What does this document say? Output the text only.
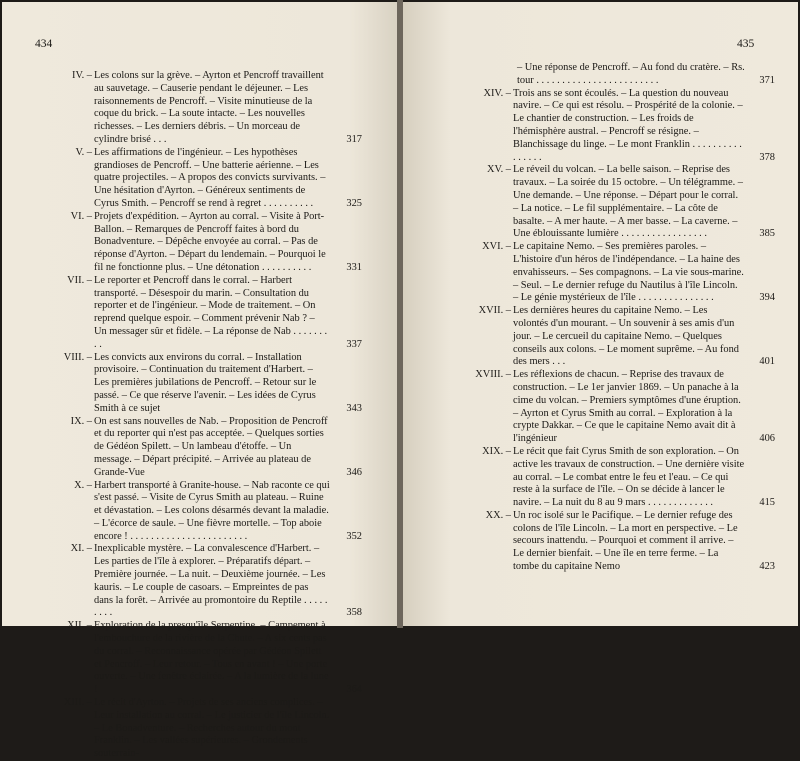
434

IV. – Les colons sur la grève. – Ayrton et Pencroff travaillent au sauvetage. – Causerie pendant le déjeuner. – Les raisonnements de Pencroff. – Visite minutieuse de la coque du brick. – La soute intacte. – Les nouvelles richesses. – Les derniers débris. – Un morceau de cylindre brisé . . .	317

V. – Les affirmations de l'ingénieur. – Les hypothèses grandioses de Pencroff. – Une batterie aérienne. – Les quatre projectiles. – A propos des convicts survivants. – Une hésitation d'Ayrton. – Généreux sentiments de Cyrus Smith. – Pencroff se rend à regret . . . . . . . . . .	325

VI. – Projets d'expédition. – Ayrton au corral. – Visite à Port-Ballon. – Remarques de Pencroff faites à bord du Bonadventure. – Dépêche envoyée au corral. – Pas de réponse d'Ayrton. – Départ du lendemain. – Pourquoi le fil ne fonctionne plus. – Une détonation . . . . . . . . . .	331

VII. – Le reporter et Pencroff dans le corral. – Harbert transporté. – Désespoir du marin. – Consultation du reporter et de l'ingénieur. – Mode de traitement. – On reprend quelque espoir. – Comment prévenir Nab ? – Un messager sûr et fidèle. – La réponse de Nab . . . . . . . . .	337

VIII. – Les convicts aux environs du corral. – Installation provisoire. – Continuation du traitement d'Harbert. – Les premières jubilations de Pencroff. – Retour sur le passé. – Ce que réserve l'avenir. – Les idées de Cyrus Smith à ce sujet	343

IX. – On est sans nouvelles de Nab. – Proposition de Pencroff et du reporter qui n'est pas acceptée. – Quelques sorties de Gédéon Spilett. – Un lambeau d'étoffe. – Un message. – Départ précipité. – Arrivée au plateau de Grande-Vue	346

X. – Harbert transporté à Granite-house. – Nab raconte ce qui s'est passé. – Visite de Cyrus Smith au plateau. – Ruine et dévastation. – Les colons désarmés devant la maladie. – L'écorce de saule. – Une fièvre mortelle. – Top aboie encore ! . . . . . . . . . . . . . . . . . . . . . . .	352

XI. – Inexplicable mystère. – La convalescence d'Harbert. – Les parties de l'île à explorer. – Préparatifs départ. – Première journée. – La nuit. – Deuxième journée. – Les kauris. – Le couple de casoars. – Empreintes de pas dans la forêt. – Arrivée au promontoire du Reptile . . . . . . . . .	358

XII. – Exploration de la presqu'île Serpentine. – Campement à l'embouchure de la rivière de la Chute. – A six cents pas du corral. – Reconnaissance opérée par Gédéon Spilett et Pencroff. – Leur retour. – Tous en avant ! – Une porte ouverte. – Une fenêtre éclairée. – A la lumière de la lune !	364

XIII. – Le récit d'Ayrton. – Projets de ses anciens complices. – Leur installation au corral. – Le justicier de l'île Lincoln. – Le Bonadventure. – Recherches autour du mont Franklin. – Les vallées supérieures. – Grondements souterrain-

435

– Une réponse de Pencroff. – Au fond du cratère. – Rs. tour . . . . . . . . . . . . . . . . . . . . . . . .	371

XIV. – Trois ans se sont écoulés. – La question du nouveau navire. – Ce qui est résolu. – Prospérité de la colonie. – Le chantier de construction. – Les froids de l'hémisphère austral. – Pencroff se résigne. – Blanchissage du linge. – Le mont Franklin . . . . . . . . . . . . . . . .	378

XV. – Le réveil du volcan. – La belle saison. – Reprise des travaux. – La soirée du 15 octobre. – Un télégramme. – Une demande. – Une réponse. – Départ pour le corral. – La notice. – Le fil supplémentaire. – La côte de basalte. – A mer haute. – A mer basse. – La caverne. – Une éblouissante lumière . . . . . . . . . . . . . . . . .	385

XVI. – Le capitaine Nemo. – Ses premières paroles. – L'histoire d'un héros de l'indépendance. – La haine des envahisseurs. – Ses compagnons. – La vie sous-marine. – Seul. – Le dernier refuge du Nautilus à l'île Lincoln. – Le génie mystérieux de l'île . . . . . . . . . . . . . . .	394

XVII. – Les dernières heures du capitaine Nemo. – Les volontés d'un mourant. – Un souvenir à ses amis d'un jour. – Le cercueil du capitaine Nemo. – Quelques conseils aux colons. – Le moment suprême. – Au fond des mers . . .	401

XVIII. – Les réflexions de chacun. – Reprise des travaux de construction. – Le 1er janvier 1869. – Un panache à la cime du volcan. – Premiers symptômes d'une éruption. – Ayrton et Cyrus Smith au corral. – Exploration à la crypte Dakkar. – Ce que le capitaine Nemo avait dit à l'ingénieur	406

XIX. – Le récit que fait Cyrus Smith de son exploration. – On active les travaux de construction. – Une dernière visite au corral. – Le combat entre le feu et l'eau. – Ce qui reste à la surface de l'île. – On se décide à lancer le navire. – La nuit du 8 au 9 mars . . . . . . . . . . . . .	415

XX. – Un roc isolé sur le Pacifique. – Le dernier refuge des colons de l'île Lincoln. – La mort en perspective. – Le secours inattendu. – Pourquoi et comment il arrive. – Le dernier bienfait. – Une île en terre ferme. – La tombe du capitaine Nemo	423
